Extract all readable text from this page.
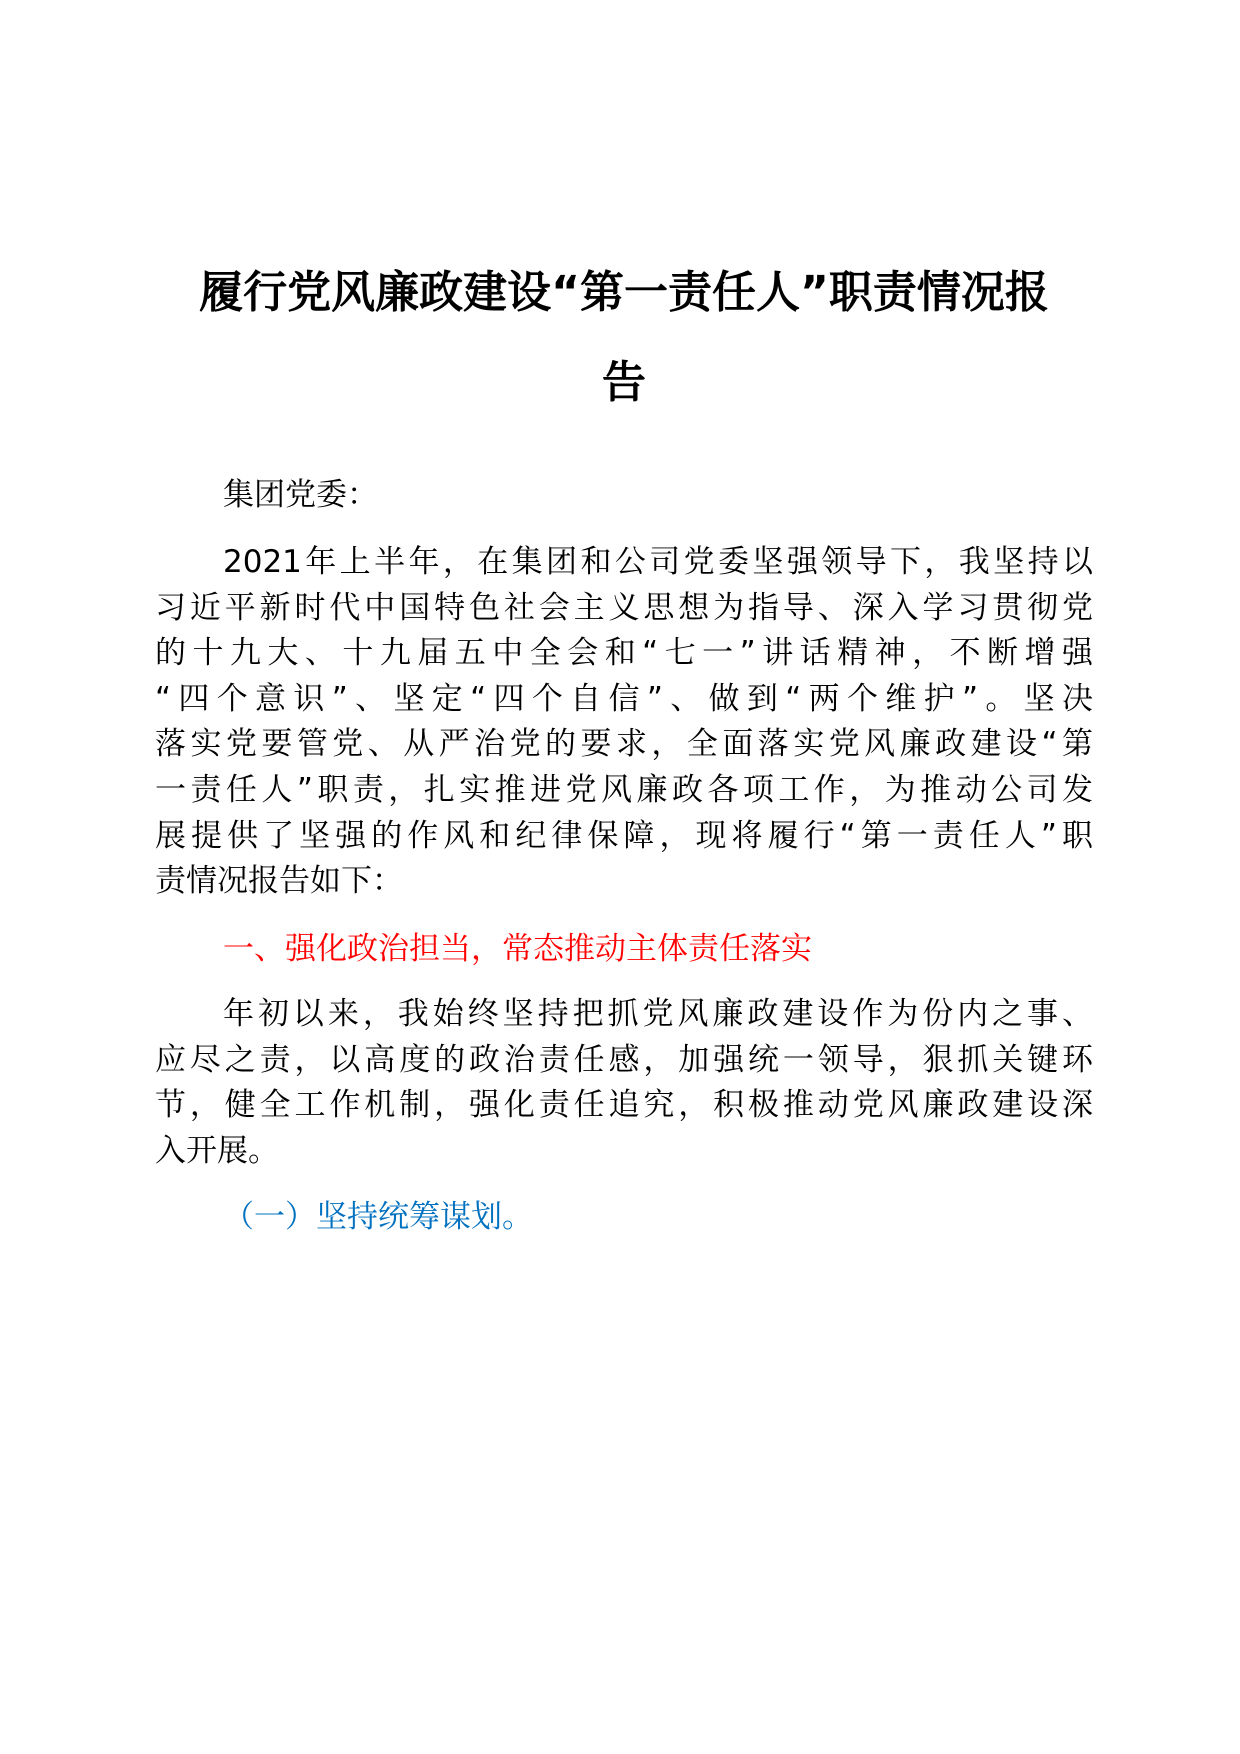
履行党风廉政建设“第一责任人”职责情况报
告
集团党委：
2021年上半年，在集团和公司党委坚强领导下，我坚持以
习近平新时代中国特色社会主义思想为指导、深入学习贯彻党
的十九大、十九届五中全会和“七一”讲话精神，不断增强
“四个意识”、坚定“四个自信”、做到“两个维护”。坚决
落实党要管党、从严治党的要求，全面落实党风廉政建设“第
一责任人”职责，扎实推进党风廉政各项工作，为推动公司发
展提供了坚强的作风和纪律保障，现将履行“第一责任人”职
责情况报告如下：
一、强化政治担当，常态推动主体责任落实
年初以来，我始终坚持把抓党风廉政建设作为份内之事、
应尽之责，以高度的政治责任感，加强统一领导，狠抓关键环
节，健全工作机制，强化责任追究，积极推动党风廉政建设深
入开展。
（一）坚持统筹谋划。
